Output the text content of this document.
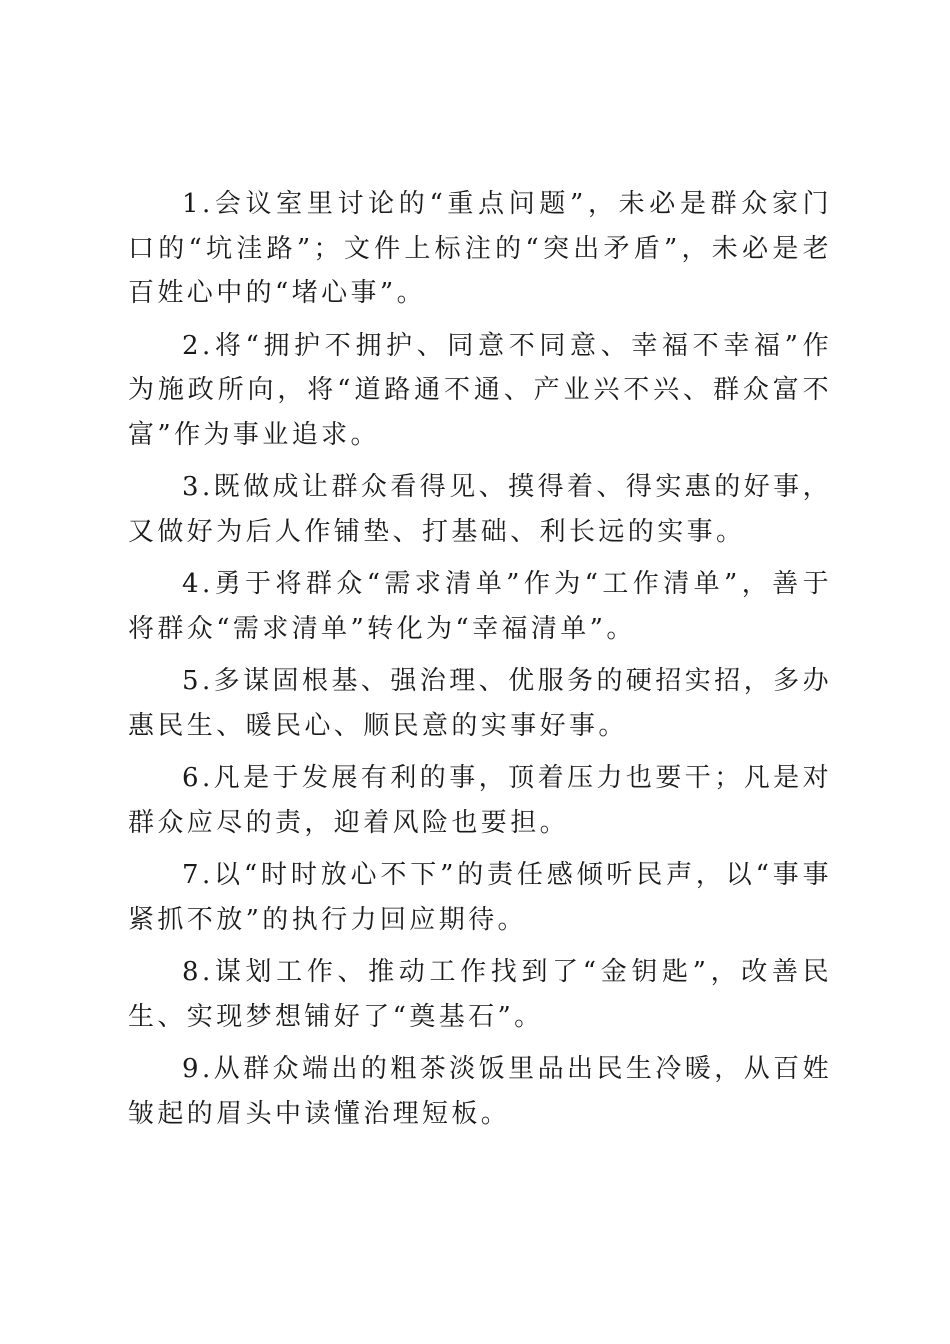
1.会议室里讨论的“重点问题”，未必是群众家门口的“坑洼路”；文件上标注的“突出矛盾”，未必是老百姓心中的“堵心事”。

2.将“拥护不拥护、同意不同意、幸福不幸福”作为施政所向，将“道路通不通、产业兴不兴、群众富不富”作为事业追求。

3.既做成让群众看得见、摸得着、得实惠的好事，又做好为后人作铺垫、打基础、利长远的实事。

4.勇于将群众“需求清单”作为“工作清单”，善于将群众“需求清单”转化为“幸福清单”。

5.多谋固根基、强治理、优服务的硬招实招，多办惠民生、暖民心、顺民意的实事好事。

6.凡是于发展有利的事，顶着压力也要干；凡是对群众应尽的责，迎着风险也要担。

7.以“时时放心不下”的责任感倾听民声，以“事事紧抓不放”的执行力回应期待。

8.谋划工作、推动工作找到了“金钥匙”，改善民生、实现梦想铺好了“奠基石”。

9.从群众端出的粗茶淡饭里品出民生冷暖，从百姓皱起的眉头中读懂治理短板。
